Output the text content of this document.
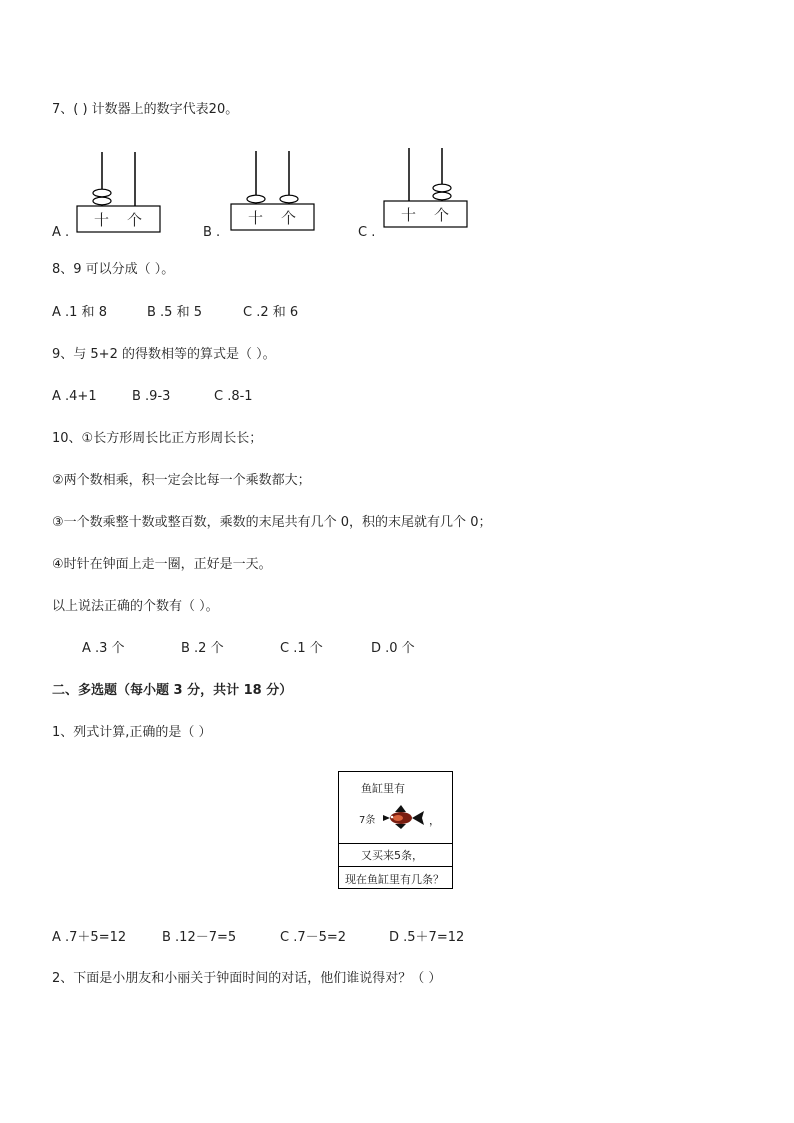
7、( ) 计数器上的数字代表20。
A .
十 个
B .
十 个
C .
十 个
8、9 可以分成（ ）。
A .1 和 8	B .5 和 5	C .2 和 6
9、与 5+2 的得数相等的算式是（ ）。
A .4+1	B .9-3	C .8-1
10、①长方形周长比正方形周长长；
②两个数相乘，积一定会比每一个乘数都大；
③一个数乘整十数或整百数，乘数的末尾共有几个 0，积的末尾就有几个 0；
④时针在钟面上走一圈，正好是一天。
以上说法正确的个数有（ ）。
A .3 个	B .2 个	C .1 个	D .0 个
二、多选题（每小题 3 分，共计 18 分）
1、列式计算,正确的是（ ）
鱼缸里有
7条	，
又买来5条，
现在鱼缸里有几条？
A .7＋5=12	B .12－7=5	C .7－5=2	D .5＋7=12
2、下面是小朋友和小丽关于钟面时间的对话，他们谁说得对？（ ）
